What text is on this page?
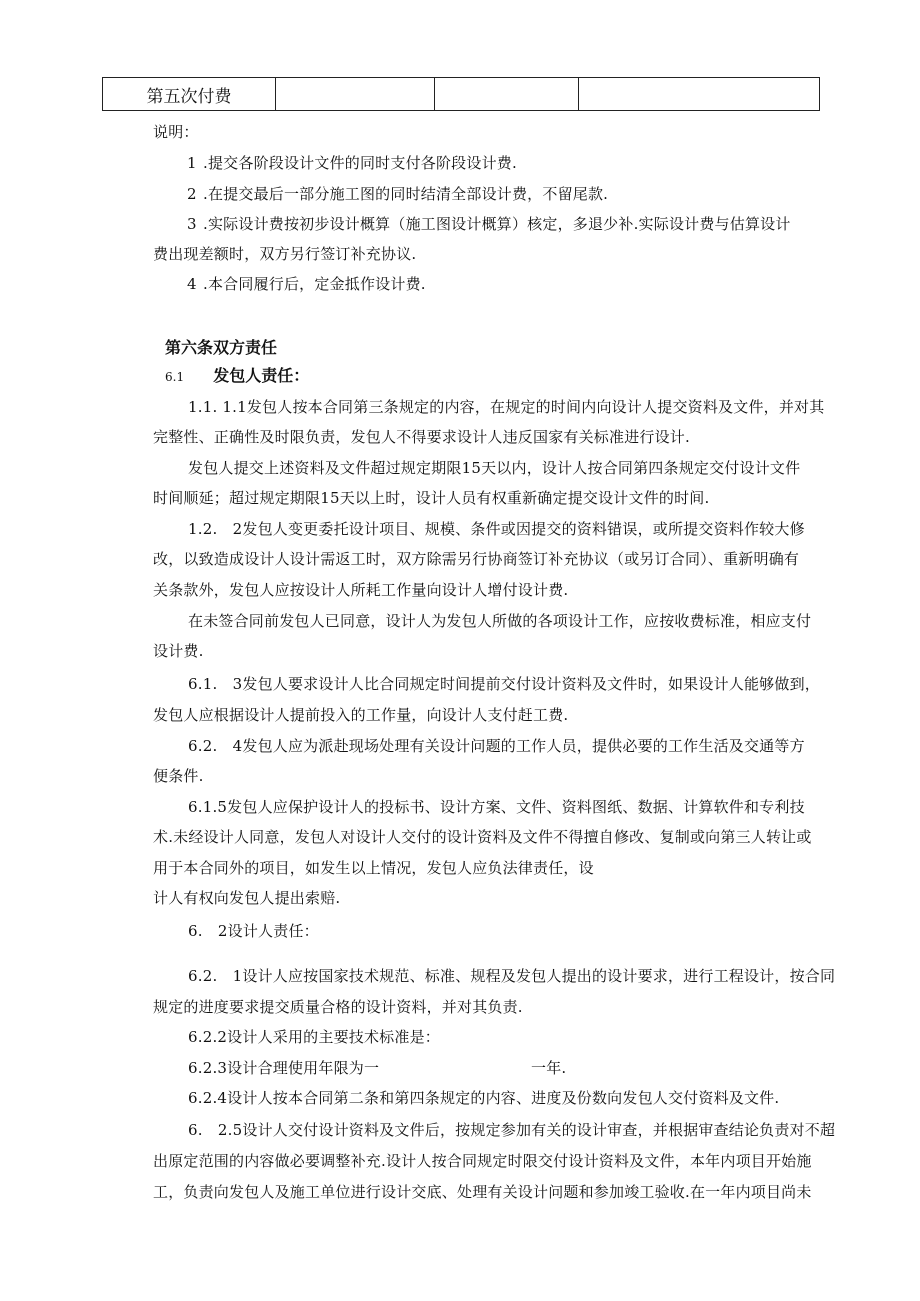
第五次付费			
说明：
1 .提交各阶段设计文件的同时支付各阶段设计费.
2 .在提交最后一部分施工图的同时结清全部设计费，不留尾款.
3 .实际设计费按初步设计概算（施工图设计概算）核定，多退少补.实际设计费与估算设计
费出现差额时，双方另行签订补充协议.
4 .本合同履行后，定金抵作设计费.
第六条双方责任
6.1 发包人责任：
1.1. 1.1发包人按本合同第三条规定的内容，在规定的时间内向设计人提交资料及文件，并对其
完整性、正确性及时限负责，发包人不得要求设计人违反国家有关标准进行设计.
发包人提交上述资料及文件超过规定期限15天以内，设计人按合同第四条规定交付设计文件
时间顺延；超过规定期限15天以上时，设计人员有权重新确定提交设计文件的时间.
1.2.　2发包人变更委托设计项目、规模、条件或因提交的资料错误，或所提交资料作较大修
改，以致造成设计人设计需返工时，双方除需另行协商签订补充协议（或另订合同）、重新明确有
关条款外，发包人应按设计人所耗工作量向设计人增付设计费.
在未签合同前发包人已同意，设计人为发包人所做的各项设计工作，应按收费标准，相应支付
设计费.
6.1.　3发包人要求设计人比合同规定时间提前交付设计资料及文件时，如果设计人能够做到，
发包人应根据设计人提前投入的工作量，向设计人支付赶工费.
6.2.　4发包人应为派赴现场处理有关设计问题的工作人员，提供必要的工作生活及交通等方
便条件.
6.1.5发包人应保护设计人的投标书、设计方案、文件、资料图纸、数据、计算软件和专利技
术.未经设计人同意，发包人对设计人交付的设计资料及文件不得擅自修改、复制或向第三人转让或
用于本合同外的项目，如发生以上情况，发包人应负法律责任，设
计人有权向发包人提出索赔.
6.　2设计人责任：
6.2.　1设计人应按国家技术规范、标准、规程及发包人提出的设计要求，进行工程设计，按合同
规定的进度要求提交质量合格的设计资料，并对其负责.
6.2.2设计人采用的主要技术标准是：
6.2.3设计合理使用年限为一	一年.
6.2.4设计人按本合同第二条和第四条规定的内容、进度及份数向发包人交付资料及文件.
6.　2.5设计人交付设计资料及文件后，按规定参加有关的设计审查，并根据审查结论负责对不超
出原定范围的内容做必要调整补充.设计人按合同规定时限交付设计资料及文件，本年内项目开始施
工，负责向发包人及施工单位进行设计交底、处理有关设计问题和参加竣工验收.在一年内项目尚未
